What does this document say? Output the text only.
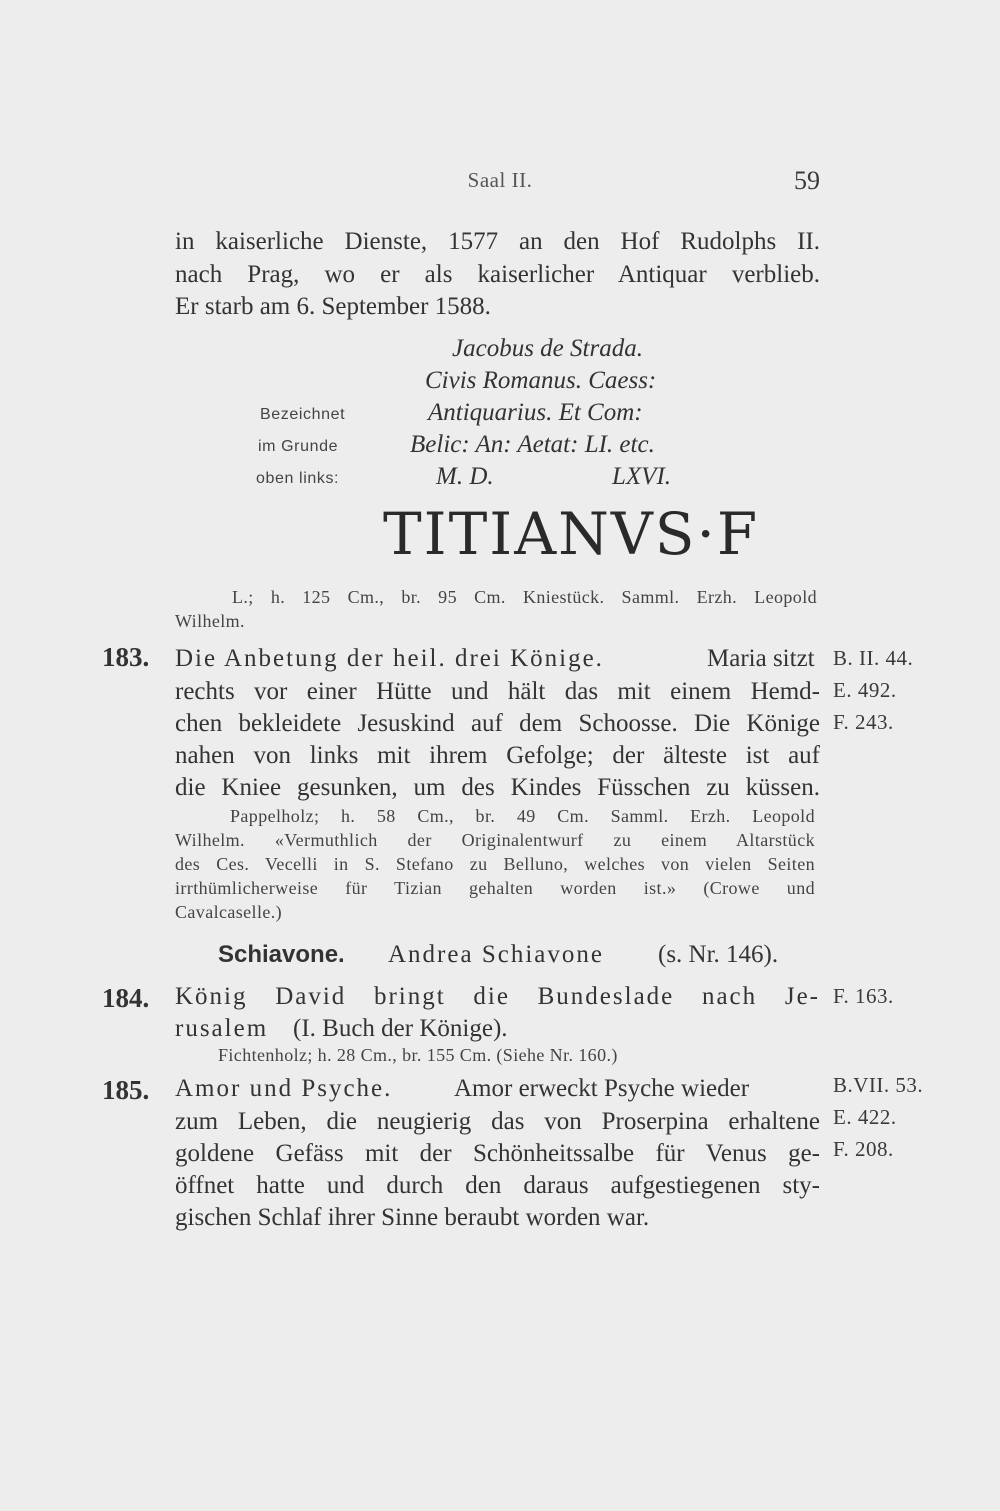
Saal II.	59
in kaiserliche Dienste, 1577 an den Hof Rudolphs II.
nach Prag, wo er als kaiserlicher Antiquar verblieb.
Er starb am 6. September 1588.
Jacobus de Strada.
Civis Romanus. Caess:
Antiquarius. Et Com:
Belic: An: Aetat: LI. etc.
M. D.	LXVI.
Bezeichnet
im Grunde
oben links:
TITIANVS·F
L.; h. 125 Cm., br. 95 Cm. Kniestück. Samml. Erzh. Leopold
Wilhelm.
183. Die Anbetung der heil. drei Könige.	Maria sitzt
rechts vor einer Hütte und hält das mit einem Hemd-
chen bekleidete Jesuskind auf dem Schoosse. Die Könige
nahen von links mit ihrem Gefolge; der älteste ist auf
die Kniee gesunken, um des Kindes Füsschen zu küssen.
B. II. 44.
E. 492.
F. 243.
Pappelholz; h. 58 Cm., br. 49 Cm. Samml. Erzh. Leopold
Wilhelm. «Vermuthlich der Originalentwurf zu einem Altarstück
des Ces. Vecelli in S. Stefano zu Belluno, welches von vielen Seiten
irrthümlicherweise für Tizian gehalten worden ist.» (Crowe und
Cavalcaselle.)
Schiavone. Andrea Schiavone (s. Nr. 146).
184. König David bringt die Bundeslade nach Je-
rusalem (I. Buch der Könige).
F. 163.
Fichtenholz; h. 28 Cm., br. 155 Cm. (Siehe Nr. 160.)
185. Amor und Psyche. Amor erweckt Psyche wieder
zum Leben, die neugierig das von Proserpina erhaltene
goldene Gefäss mit der Schönheitssalbe für Venus ge-
öffnet hatte und durch den daraus aufgestiegenen sty-
gischen Schlaf ihrer Sinne beraubt worden war.
B.VII. 53.
E. 422.
F. 208.
